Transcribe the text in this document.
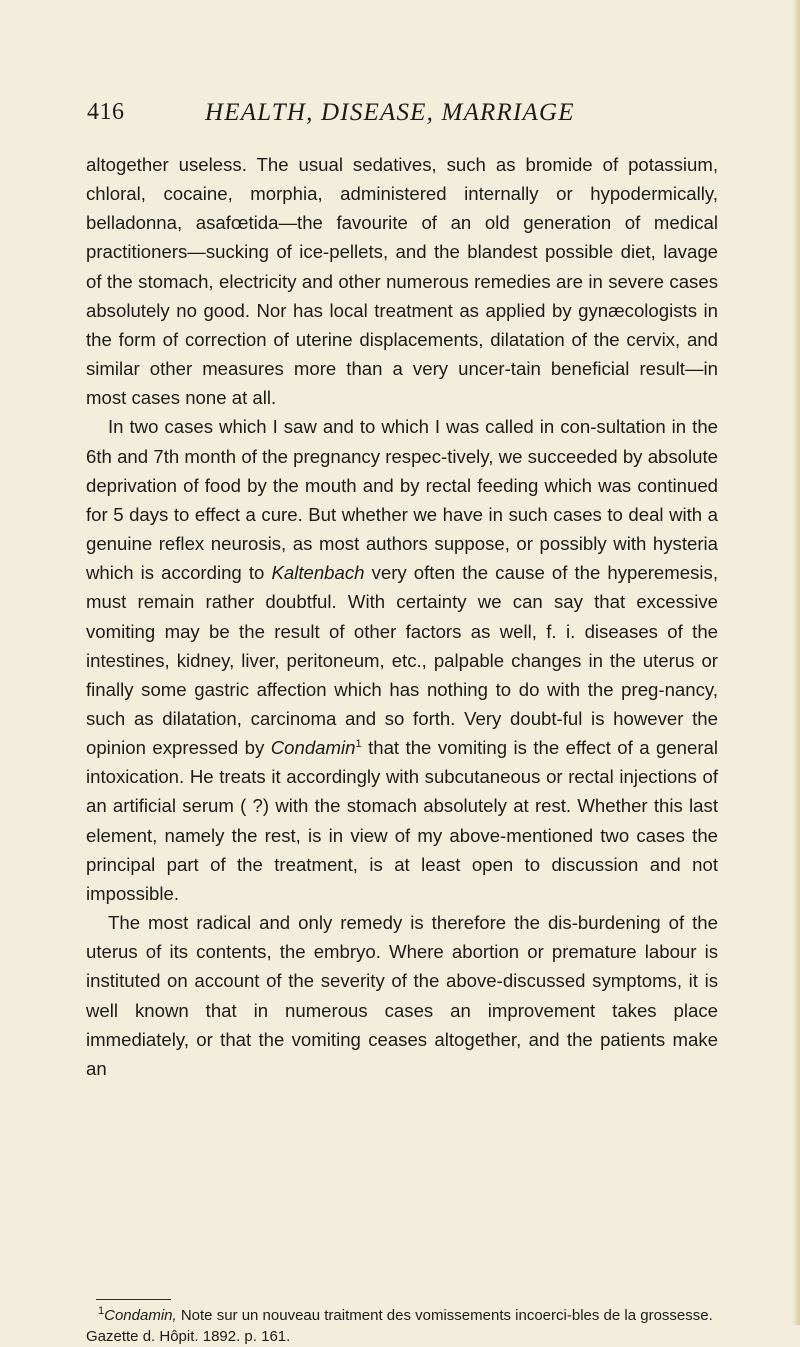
416	HEALTH, DISEASE, MARRIAGE

altogether useless. The usual sedatives, such as bromide of potassium, chloral, cocaine, morphia, administered internally or hypodermically, belladonna, asafœtida—the favourite of an old generation of medical practitioners—sucking of ice-pellets, and the blandest possible diet, lavage of the stomach, electricity and other numerous remedies are in severe cases absolutely no good. Nor has local treatment as applied by gynæcologists in the form of correction of uterine displacements, dilatation of the cervix, and similar other measures more than a very uncer-tain beneficial result—in most cases none at all.

In two cases which I saw and to which I was called in con-sultation in the 6th and 7th month of the pregnancy respec-tively, we succeeded by absolute deprivation of food by the mouth and by rectal feeding which was continued for 5 days to effect a cure. But whether we have in such cases to deal with a genuine reflex neurosis, as most authors suppose, or possibly with hysteria which is according to Kaltenbach very often the cause of the hyperemesis, must remain rather doubtful. With certainty we can say that excessive vomiting may be the result of other factors as well, f. i. diseases of the intestines, kidney, liver, peritoneum, etc., palpable changes in the uterus or finally some gastric affection which has nothing to do with the preg-nancy, such as dilatation, carcinoma and so forth. Very doubt-ful is however the opinion expressed by Condamin$^1$ that the vomiting is the effect of a general intoxication. He treats it accordingly with subcutaneous or rectal injections of an artificial serum ( ?) with the stomach absolutely at rest. Whether this last element, namely the rest, is in view of my above-mentioned two cases the principal part of the treatment, is at least open to discussion and not impossible.

The most radical and only remedy is therefore the dis-burdening of the uterus of its contents, the embryo. Where abortion or premature labour is instituted on account of the severity of the above-discussed symptoms, it is well known that in numerous cases an improvement takes place immediately, or that the vomiting ceases altogether, and the patients make an

$^1$Condamin, Note sur un nouveau traitment des vomissements incoerci-bles de la grossesse. Gazette d. Hôpit. 1892. p. 161.
